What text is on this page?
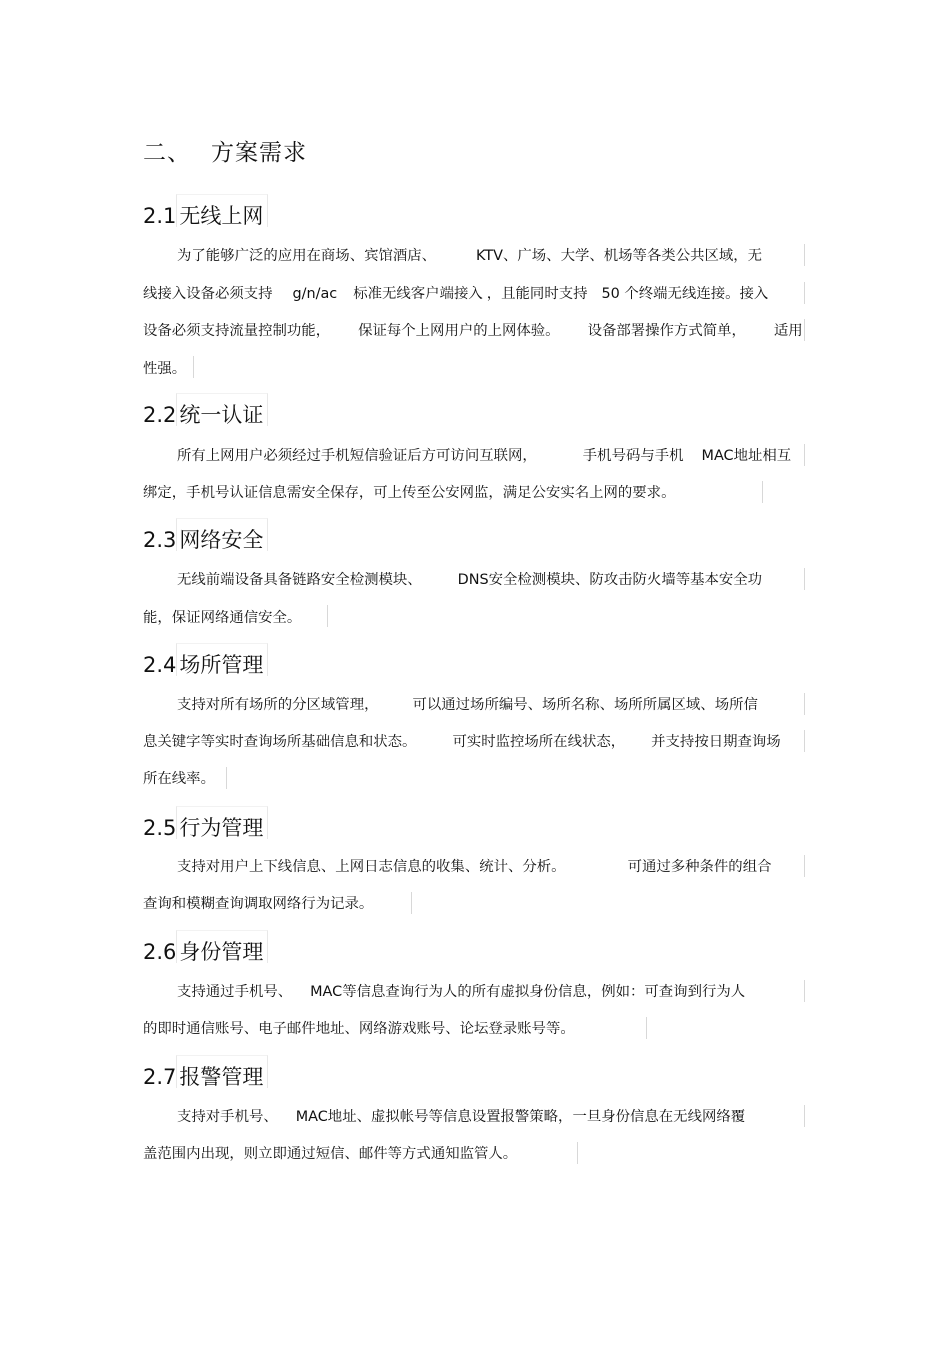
二、 方案需求
2.1 无线上网
为了能够广泛的应用在商场、宾馆酒店、	KTV、广场、大学、机场等各类公共区域，无
线接入设备必须支持 g/n/ac 标准无线客户端接入 ，且能同时支持 50 个终端无线连接。接入
设备必须支持流量控制功能， 保证每个上网用户的上网体验。 设备部署操作方式简单， 适用
性强。
2.2 统一认证
所有上网用户必须经过手机短信验证后方可访问互联网，	手机号码与手机 MAC地址相互
绑定，手机号认证信息需安全保存，可上传至公安网监，满足公安实名上网的要求。
2.3 网络安全
无线前端设备具备链路安全检测模块、	DNS安全检测模块、防攻击防火墙等基本安全功
能，保证网络通信安全。
2.4 场所管理
支持对所有场所的分区域管理， 可以通过场所编号、场所名称、场所所属区域、场所信
息关键字等实时查询场所基础信息和状态。	可实时监控场所在线状态， 并支持按日期查询场
所在线率。
2.5 行为管理
支持对用户上下线信息、上网日志信息的收集、统计、分析。	可通过多种条件的组合
查询和模糊查询调取网络行为记录。
2.6 身份管理
支持通过手机号、 MAC等信息查询行为人的所有虚拟身份信息，例如：可查询到行为人
的即时通信账号、电子邮件地址、网络游戏账号、论坛登录账号等。
2.7 报警管理
支持对手机号、 MAC地址、虚拟帐号等信息设置报警策略，一旦身份信息在无线网络覆
盖范围内出现，则立即通过短信、邮件等方式通知监管人。
